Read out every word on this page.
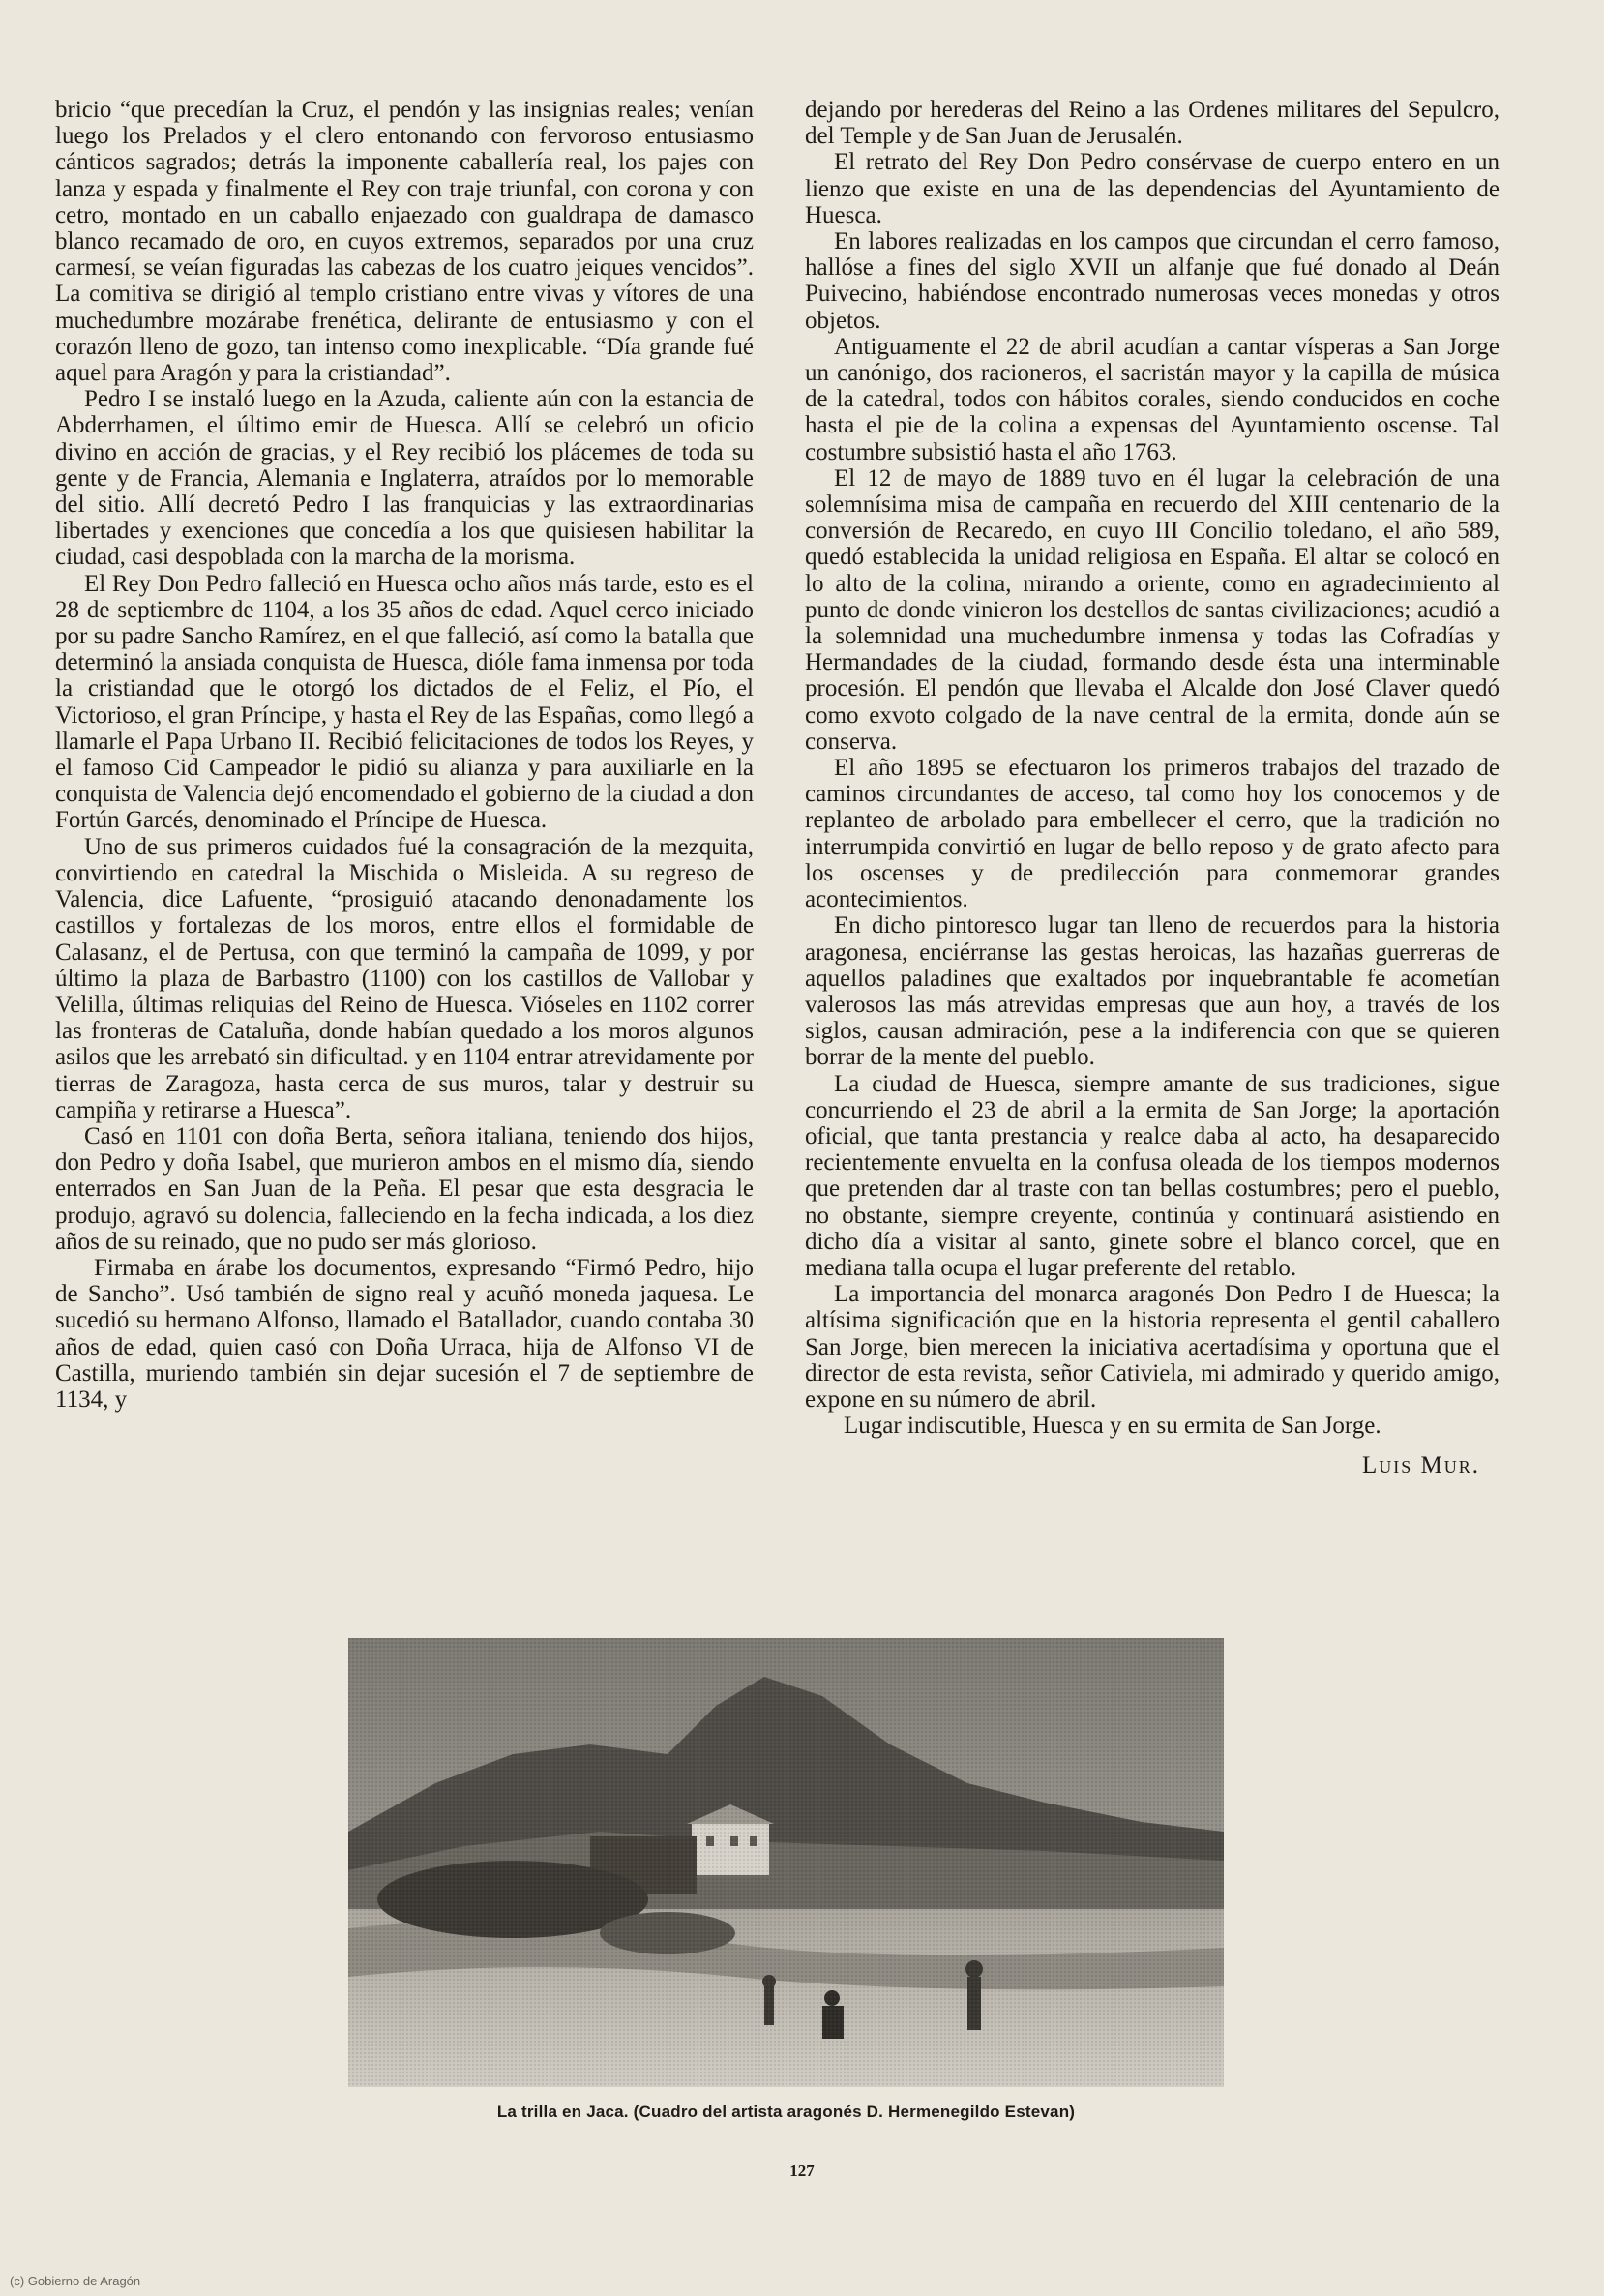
bricio “que precedían la Cruz, el pendón y las insignias reales; venían luego los Prelados y el clero entonando con fervoroso entusiasmo cánticos sagrados; detrás la imponente caballería real, los pajes con lanza y espada y finalmente el Rey con traje triunfal, con corona y con cetro, montado en un caballo enjaezado con gualdrapa de damasco blanco recamado de oro, en cuyos extremos, separados por una cruz carmesí, se veían figuradas las cabezas de los cuatro jeiques vencidos”. La comitiva se dirigió al templo cristiano entre vivas y vítores de una muchedumbre mozárabe frenética, delirante de entusiasmo y con el corazón lleno de gozo, tan intenso como inexplicable. “Día grande fué aquel para Aragón y para la cristiandad”.

Pedro I se instaló luego en la Azuda, caliente aún con la estancia de Abderrhamen, el último emir de Huesca. Allí se celebró un oficio divino en acción de gracias, y el Rey recibió los plácemes de toda su gente y de Francia, Alemania e Inglaterra, atraídos por lo memorable del sitio. Allí decretó Pedro I las franquicias y las extraordinarias libertades y exenciones que concedía a los que quisiesen habilitar la ciudad, casi despoblada con la marcha de la morisma.

El Rey Don Pedro falleció en Huesca ocho años más tarde, esto es el 28 de septiembre de 1104, a los 35 años de edad. Aquel cerco iniciado por su padre Sancho Ramírez, en el que falleció, así como la batalla que determinó la ansiada conquista de Huesca, dióle fama inmensa por toda la cristiandad que le otorgó los dictados de el Feliz, el Pío, el Victorioso, el gran Príncipe, y hasta el Rey de las Españas, como llegó a llamarle el Papa Urbano II. Recibió felicitaciones de todos los Reyes, y el famoso Cid Campeador le pidió su alianza y para auxiliarle en la conquista de Valencia dejó encomendado el gobierno de la ciudad a don Fortún Garcés, denominado el Príncipe de Huesca.

Uno de sus primeros cuidados fué la consagración de la mezquita, convirtiendo en catedral la Mischida o Misleida. A su regreso de Valencia, dice Lafuente, “prosiguió atacando denonadamente los castillos y fortalezas de los moros, entre ellos el formidable de Calasanz, el de Pertusa, con que terminó la campaña de 1099, y por último la plaza de Barbastro (1100) con los castillos de Vallobar y Velilla, últimas reliquias del Reino de Huesca. Vióseles en 1102 correr las fronteras de Cataluña, donde habían quedado a los moros algunos asilos que les arrebató sin dificultad. y en 1104 entrar atrevidamente por tierras de Zaragoza, hasta cerca de sus muros, talar y destruir su campiña y retirarse a Huesca”.

Casó en 1101 con doña Berta, señora italiana, teniendo dos hijos, don Pedro y doña Isabel, que murieron ambos en el mismo día, siendo enterrados en San Juan de la Peña. El pesar que esta desgracia le produjo, agravó su dolencia, falleciendo en la fecha indicada, a los diez años de su reinado, que no pudo ser más glorioso.

Firmaba en árabe los documentos, expresando “Firmó Pedro, hijo de Sancho”. Usó también de signo real y acuñó moneda jaquesa. Le sucedió su hermano Alfonso, llamado el Batallador, cuando contaba 30 años de edad, quien casó con Doña Urraca, hija de Alfonso VI de Castilla, muriendo también sin dejar sucesión el 7 de septiembre de 1134, y

dejando por herederas del Reino a las Ordenes militares del Sepulcro, del Temple y de San Juan de Jerusalén.

El retrato del Rey Don Pedro consérvase de cuerpo entero en un lienzo que existe en una de las dependencias del Ayuntamiento de Huesca.

En labores realizadas en los campos que circundan el cerro famoso, hallóse a fines del siglo XVII un alfanje que fué donado al Deán Puivecino, habiéndose encontrado numerosas veces monedas y otros objetos.

Antiguamente el 22 de abril acudían a cantar vísperas a San Jorge un canónigo, dos racioneros, el sacristán mayor y la capilla de música de la catedral, todos con hábitos corales, siendo conducidos en coche hasta el pie de la colina a expensas del Ayuntamiento oscense. Tal costumbre subsistió hasta el año 1763.

El 12 de mayo de 1889 tuvo en él lugar la celebración de una solemnísima misa de campaña en recuerdo del XIII centenario de la conversión de Recaredo, en cuyo III Concilio toledano, el año 589, quedó establecida la unidad religiosa en España. El altar se colocó en lo alto de la colina, mirando a oriente, como en agradecimiento al punto de donde vinieron los destellos de santas civilizaciones; acudió a la solemnidad una muchedumbre inmensa y todas las Cofradías y Hermandades de la ciudad, formando desde ésta una interminable procesión. El pendón que llevaba el Alcalde don José Claver quedó como exvoto colgado de la nave central de la ermita, donde aún se conserva.

El año 1895 se efectuaron los primeros trabajos del trazado de caminos circundantes de acceso, tal como hoy los conocemos y de replanteo de arbolado para embellecer el cerro, que la tradición no interrumpida convirtió en lugar de bello reposo y de grato afecto para los oscenses y de predilección para conmemorar grandes acontecimientos.

En dicho pintoresco lugar tan lleno de recuerdos para la historia aragonesa, enciérranse las gestas heroicas, las hazañas guerreras de aquellos paladines que exaltados por inquebrantable fe acometían valerosos las más atrevidas empresas que aun hoy, a través de los siglos, causan admiración, pese a la indiferencia con que se quieren borrar de la mente del pueblo.

La ciudad de Huesca, siempre amante de sus tradiciones, sigue concurriendo el 23 de abril a la ermita de San Jorge; la aportación oficial, que tanta prestancia y realce daba al acto, ha desaparecido recientemente envuelta en la confusa oleada de los tiempos modernos que pretenden dar al traste con tan bellas costumbres; pero el pueblo, no obstante, siempre creyente, continúa y continuará asistiendo en dicho día a visitar al santo, ginete sobre el blanco corcel, que en mediana talla ocupa el lugar preferente del retablo.

La importancia del monarca aragonés Don Pedro I de Huesca; la altísima significación que en la historia representa el gentil caballero San Jorge, bien merecen la iniciativa acertadísima y oportuna que el director de esta revista, señor Cativiela, mi admirado y querido amigo, expone en su número de abril.

Lugar indiscutible, Huesca y en su ermita de San Jorge.

Luis Mur.
La trilla en Jaca. (Cuadro del artista aragonés D. Hermenegildo Estevan)
127
(c) Gobierno de Aragón
